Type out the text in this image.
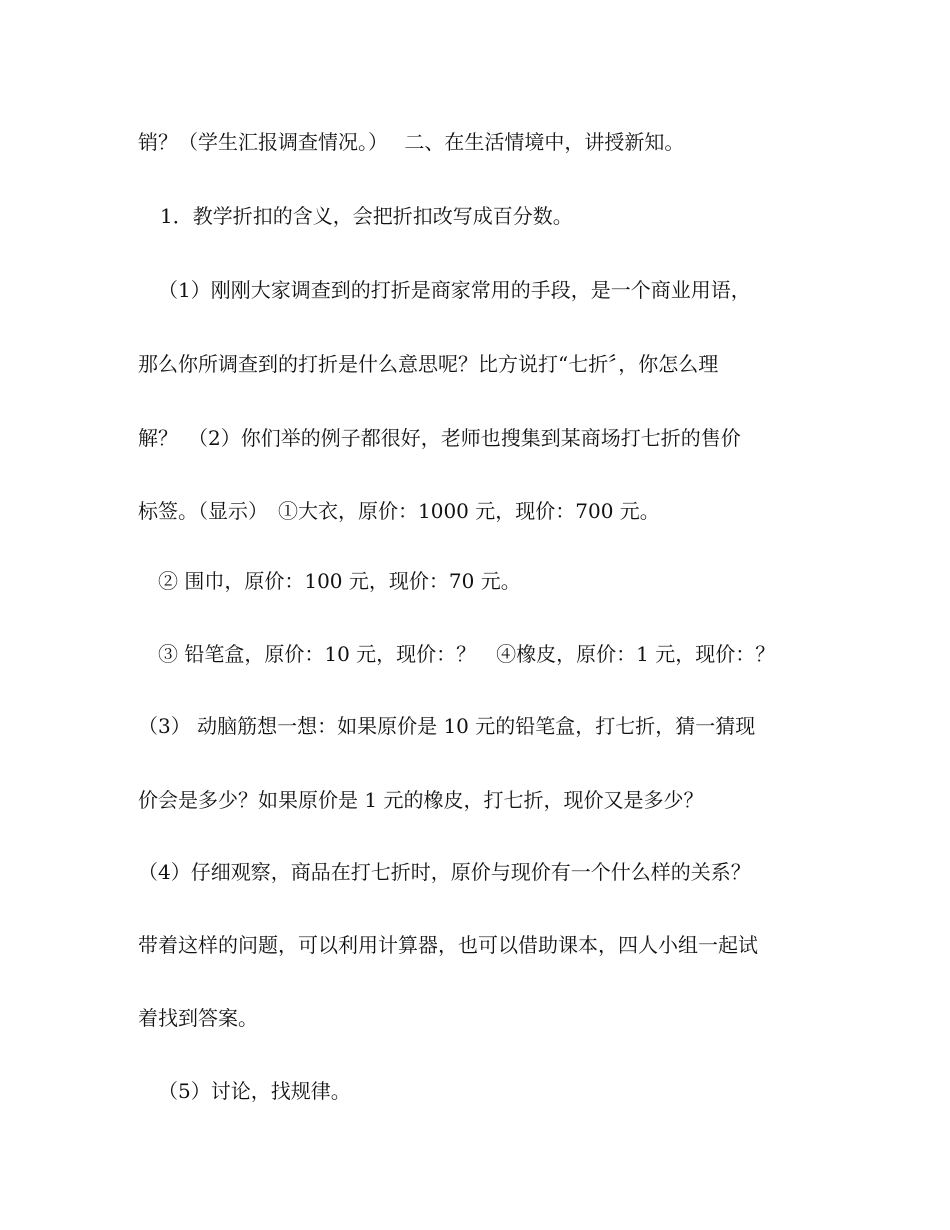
销？（学生汇报调查情况。）　 二、在生活情境中，讲授新知。
1．教学折扣的含义，会把折扣改写成百分数。
（1）刚刚大家调查到的打折是商家常用的手段，是一个商业用语，
那么你所调查到的打折是什么意思呢？比方说打“七折〞，你怎么理
解？　（2）你们举的例子都很好，老师也搜集到某商场打七折的售价
标签。（显示）　①大衣，原价：1000 元，现价：700 元。
② 围巾，原价：100 元，现价：70 元。
③ 铅笔盒，原价：10 元，现价：？　④橡皮，原价：1 元，现价：？
（3） 动脑筋想一想：如果原价是 10 元的铅笔盒，打七折，猜一猜现
价会是多少？如果原价是 1 元的橡皮，打七折，现价又是多少？
（4）仔细观察，商品在打七折时，原价与现价有一个什么样的关系？
带着这样的问题，可以利用计算器，也可以借助课本，四人小组一起试
着找到答案。
（5）讨论，找规律。
